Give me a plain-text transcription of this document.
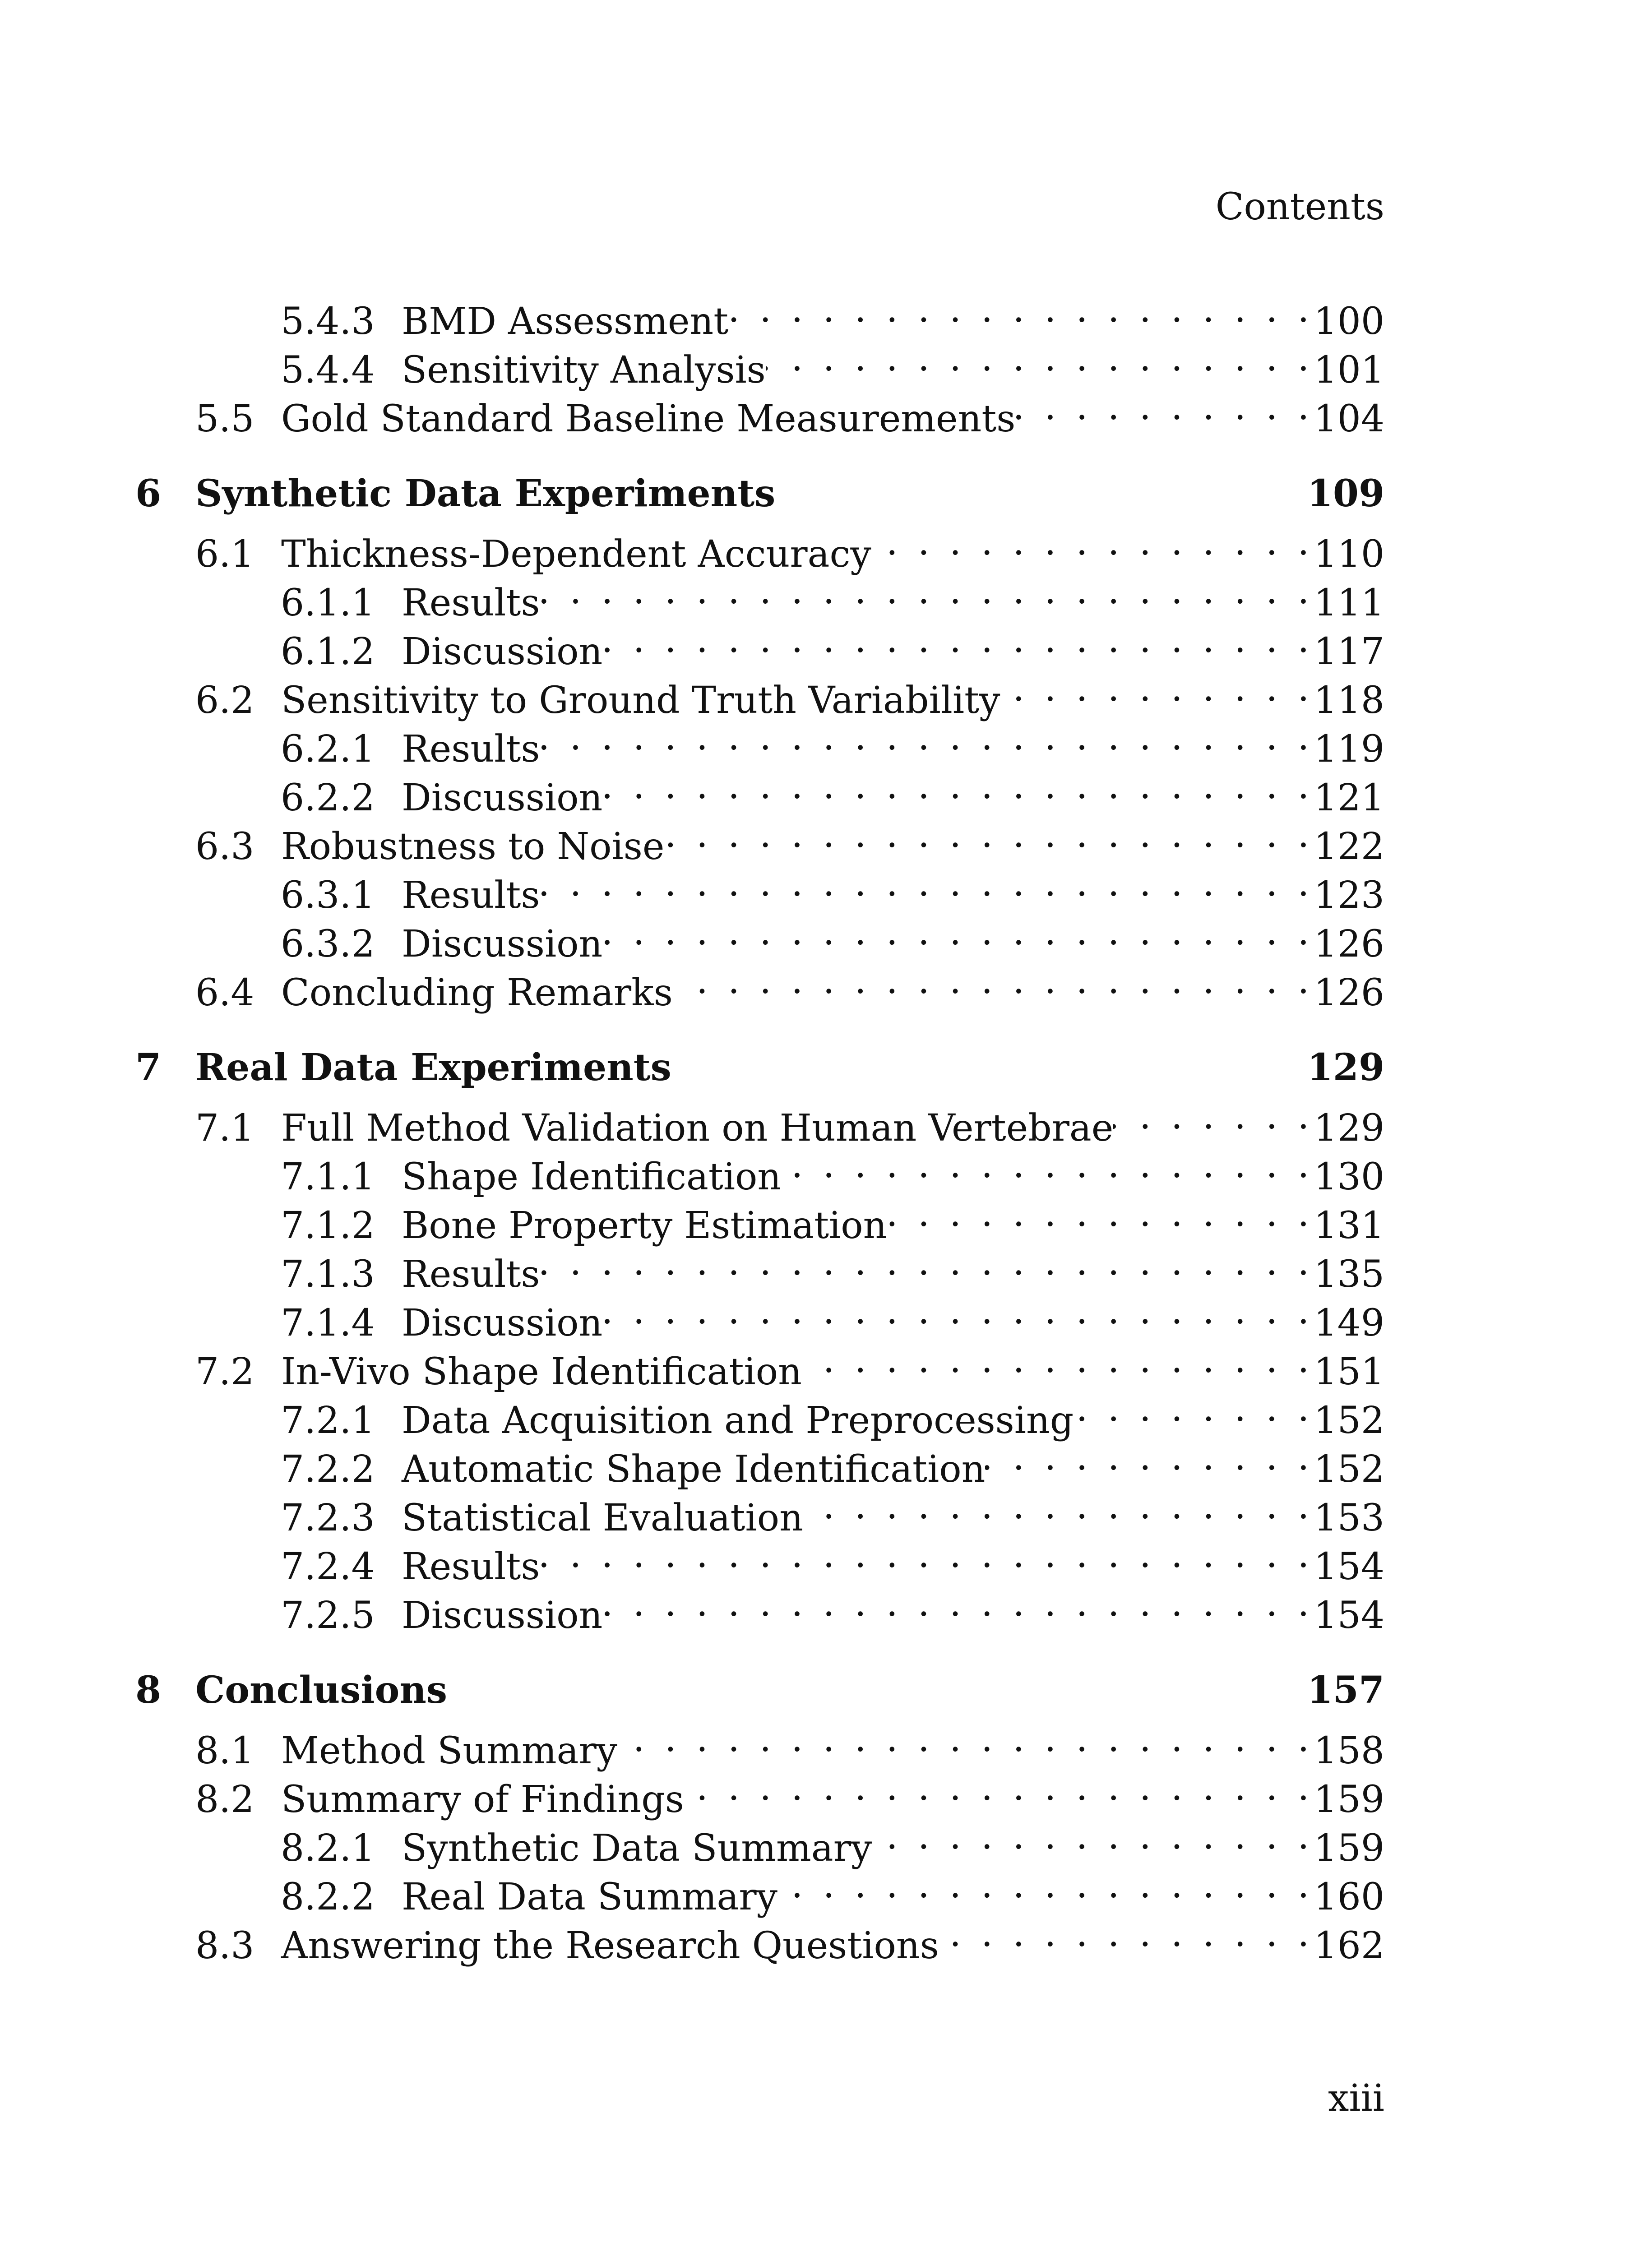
Contents
5.4.3 BMD Assessment . . .	100
5.4.4 Sensitivity Analysis . . .	101
5.5 Gold Standard Baseline Measurements . . .	104
6 Synthetic Data Experiments	109
6.1 Thickness-Dependent Accuracy . . .	110
6.1.1 Results . . .	111
6.1.2 Discussion . . .	117
6.2 Sensitivity to Ground Truth Variability . . .	118
6.2.1 Results . . .	119
6.2.2 Discussion . . .	121
6.3 Robustness to Noise . . .	122
6.3.1 Results . . .	123
6.3.2 Discussion . . .	126
6.4 Concluding Remarks . . .	126
7 Real Data Experiments	129
7.1 Full Method Validation on Human Vertebrae . . .	129
7.1.1 Shape Identification . . .	130
7.1.2 Bone Property Estimation . . .	131
7.1.3 Results . . .	135
7.1.4 Discussion . . .	149
7.2 In-Vivo Shape Identification . . .	151
7.2.1 Data Acquisition and Preprocessing . . .	152
7.2.2 Automatic Shape Identification . . .	152
7.2.3 Statistical Evaluation . . .	153
7.2.4 Results . . .	154
7.2.5 Discussion . . .	154
8 Conclusions	157
8.1 Method Summary . . .	158
8.2 Summary of Findings . . .	159
8.2.1 Synthetic Data Summary . . .	159
8.2.2 Real Data Summary . . .	160
8.3 Answering the Research Questions . . .	162
xiii
